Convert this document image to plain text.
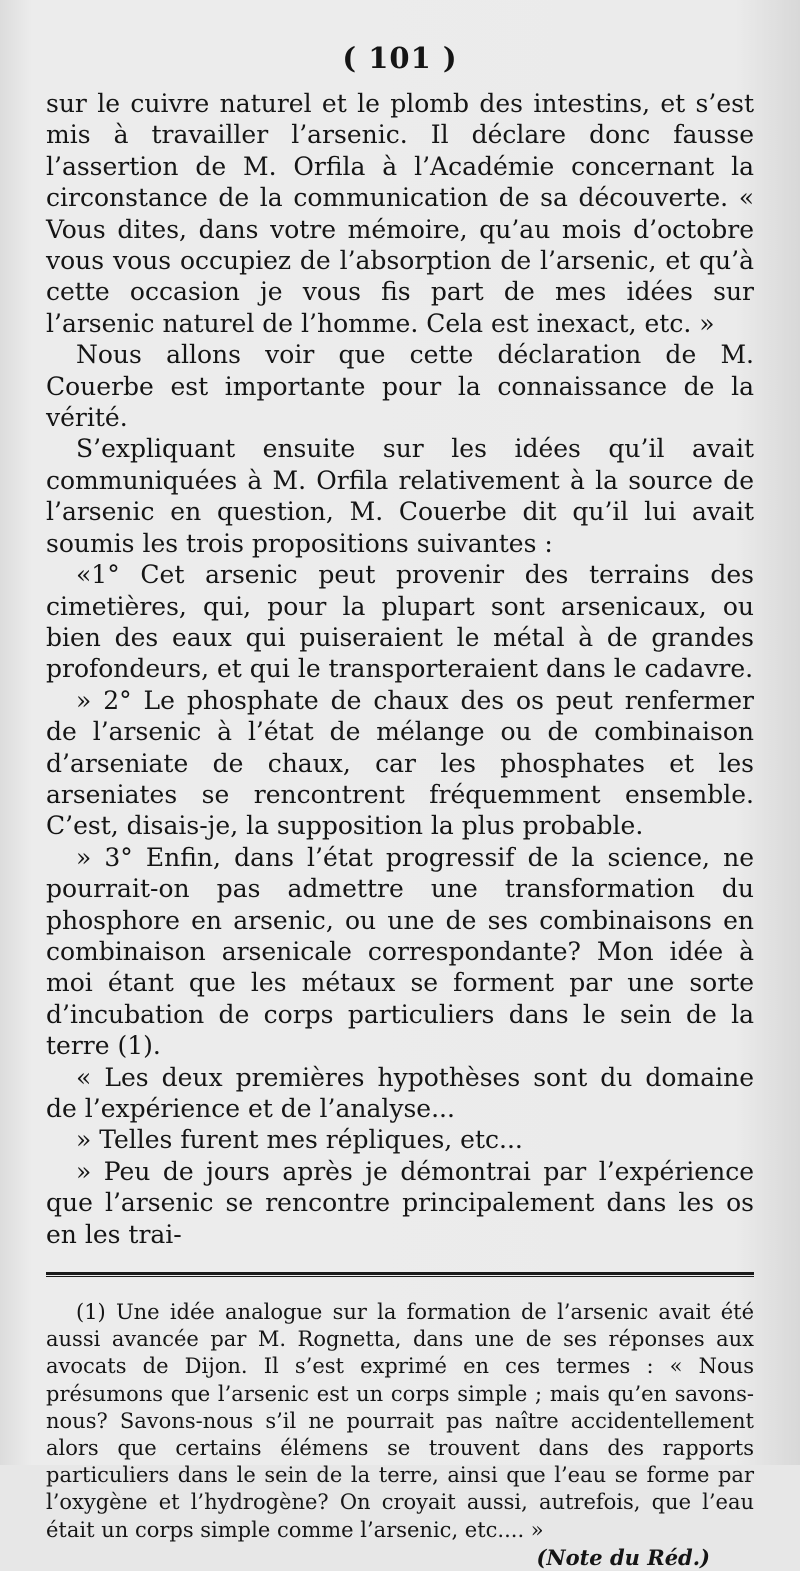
( 101 )

sur le cuivre naturel et le plomb des intestins, et s’est mis à travailler l’arsenic. Il déclare donc fausse l’assertion de M. Orfila à l’Académie concernant la circonstance de la communication de sa découverte. « Vous dites, dans votre mémoire, qu’au mois d’octobre vous vous occupiez de l’absorption de l’arsenic, et qu’à cette occasion je vous fis part de mes idées sur l’arsenic naturel de l’homme. Cela est inexact, etc. »

Nous allons voir que cette déclaration de M. Couerbe est importante pour la connaissance de la vérité.

S’expliquant ensuite sur les idées qu’il avait communiquées à M. Orfila relativement à la source de l’arsenic en question, M. Couerbe dit qu’il lui avait soumis les trois propositions suivantes :

«1° Cet arsenic peut provenir des terrains des cimetières, qui, pour la plupart sont arsenicaux, ou bien des eaux qui puiseraient le métal à de grandes profondeurs, et qui le transporteraient dans le cadavre.

» 2° Le phosphate de chaux des os peut renfermer de l’arsenic à l’état de mélange ou de combinaison d’arseniate de chaux, car les phosphates et les arseniates se rencontrent fréquemment ensemble. C’est, disais-je, la supposition la plus probable.

» 3° Enfin, dans l’état progressif de la science, ne pourrait-on pas admettre une transformation du phosphore en arsenic, ou une de ses combinaisons en combinaison arsenicale correspondante? Mon idée à moi étant que les métaux se forment par une sorte d’incubation de corps particuliers dans le sein de la terre (1).

« Les deux premières hypothèses sont du domaine de l’expérience et de l’analyse...

» Telles furent mes répliques, etc...

» Peu de jours après je démontrai par l’expérience que l’arsenic se rencontre principalement dans les os en les trai-

(1) Une idée analogue sur la formation de l’arsenic avait été aussi avancée par M. Rognetta, dans une de ses réponses aux avocats de Dijon. Il s’est exprimé en ces termes : « Nous présumons que l’arsenic est un corps simple ; mais qu’en savons-nous? Savons-nous s’il ne pourrait pas naître accidentellement alors que certains élémens se trouvent dans des rapports particuliers dans le sein de la terre, ainsi que l’eau se forme par l’oxygène et l’hydrogène? On croyait aussi, autrefois, que l’eau était un corps simple comme l’arsenic, etc.... »
(Note du Réd.)
